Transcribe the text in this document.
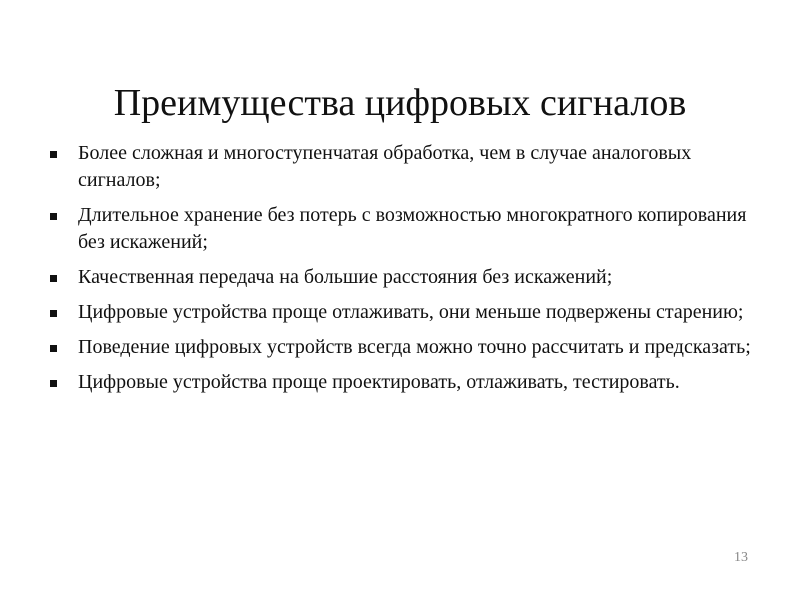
Преимущества цифровых сигналов
Более сложная и многоступенчатая обработка, чем в случае аналоговых сигналов;
Длительное хранение без потерь с возможностью многократного копирования без искажений;
Качественная передача на большие расстояния без искажений;
Цифровые устройства проще отлаживать, они меньше подвержены старению;
Поведение цифровых устройств всегда можно точно рассчитать и предсказать;
Цифровые устройства проще проектировать, отлаживать, тестировать.
13
